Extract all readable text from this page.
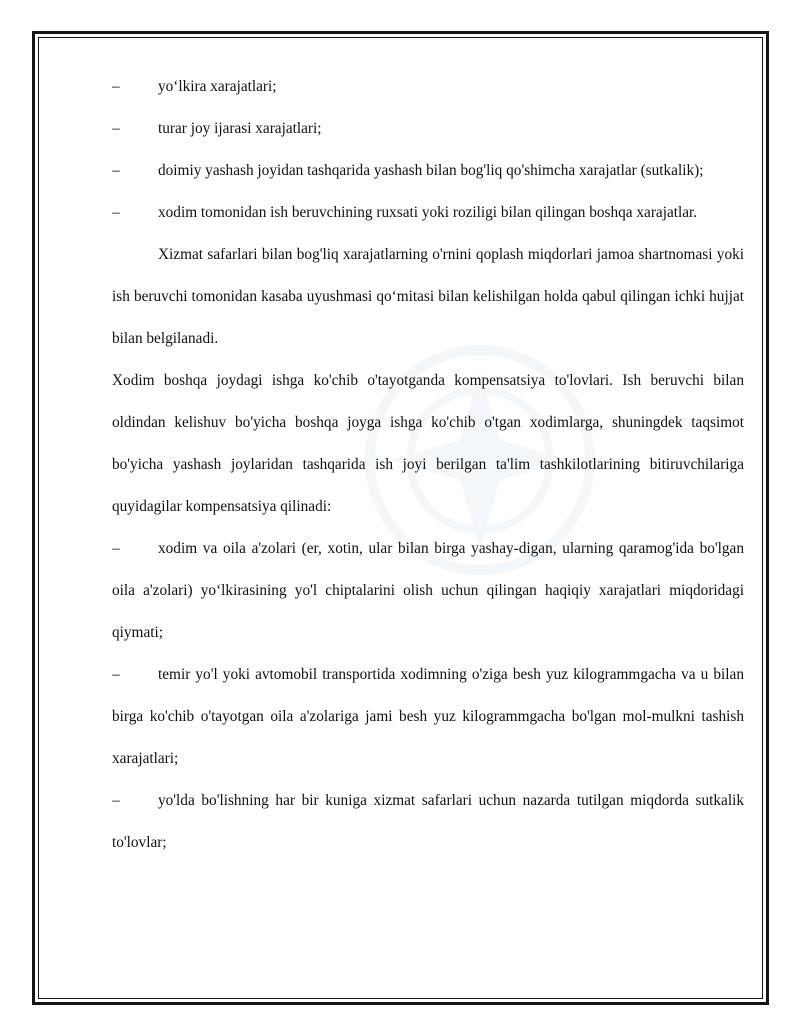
–	yo‘lkira xarajatlari;

–	turar joy ijarasi xarajatlari;

–	doimiy yashash joyidan tashqarida yashash bilan bog'liq qo'shimcha xarajatlar (sutkalik);

–	xodim tomonidan ish beruvchining ruxsati yoki roziligi bilan qilingan boshqa xarajatlar.

Xizmat safarlari bilan bog'liq xarajatlarning o'rnini qoplash miqdorlari jamoa shartnomasi yoki ish beruvchi tomonidan kasaba uyushmasi qo‘mitasi bilan kelishilgan holda qabul qilingan ichki hujjat bilan belgilanadi.

Xodim boshqa joydagi ishga ko'chib o'tayotganda kompensatsiya to'lovlari. Ish beruvchi bilan oldindan kelishuv bo'yicha boshqa joyga ishga ko'chib o'tgan xodimlarga, shuningdek taqsimot bo'yicha yashash joylaridan tashqarida ish joyi berilgan ta'lim tashkilotlarining bitiruvchilariga quyidagilar kompensatsiya qilinadi:

–	xodim va oila a'zolari (er, xotin, ular bilan birga yashay-digan, ularning qaramog'ida bo'lgan oila a'zolari) yo‘lkirasining yo'l chiptalarini olish uchun qilingan haqiqiy xarajatlari miqdoridagi qiymati;

–	temir yo'l yoki avtomobil transportida xodimning o'ziga besh yuz kilogrammgacha va u bilan birga ko'chib o'tayotgan oila a'zolariga jami besh yuz kilogrammgacha bo'lgan mol-mulkni tashish xarajatlari;

–	yo'lda bo'lishning har bir kuniga xizmat safarlari uchun nazarda tutilgan miqdorda sutkalik to'lovlar;
